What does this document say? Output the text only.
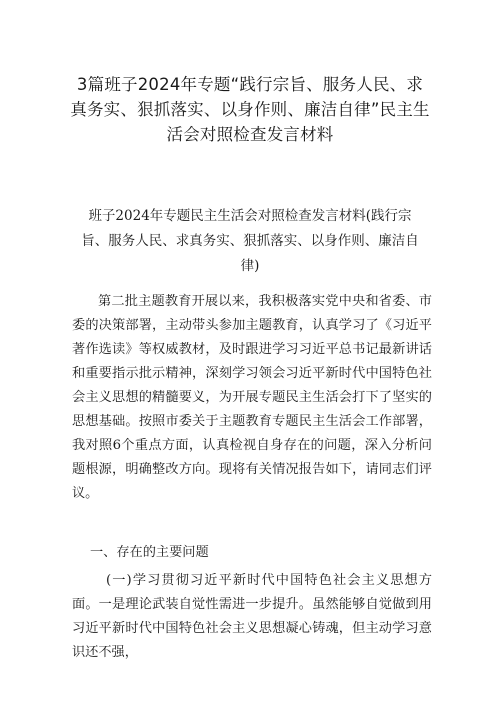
3篇班子2024年专题“践行宗旨、服务人民、求真务实、狠抓落实、以身作则、廉洁自律”民主生活会对照检查发言材料
班子2024年专题民主生活会对照检查发言材料(践行宗旨、服务人民、求真务实、狠抓落实、以身作则、廉洁自律)
第二批主题教育开展以来，我积极落实党中央和省委、市委的决策部署，主动带头参加主题教育，认真学习了《习近平著作选读》等权威教材，及时跟进学习习近平总书记最新讲话和重要指示批示精神，深刻学习领会习近平新时代中国特色社会主义思想的精髓要义，为开展专题民主生活会打下了坚实的思想基础。按照市委关于主题教育专题民主生活会工作部署，我对照6个重点方面，认真检视自身存在的问题，深入分析问题根源，明确整改方向。现将有关情况报告如下，请同志们评议。
一、存在的主要问题
(一)学习贯彻习近平新时代中国特色社会主义思想方面。一是理论武装自觉性需进一步提升。虽然能够自觉做到用习近平新时代中国特色社会主义思想凝心铸魂，但主动学习意识还不强，
